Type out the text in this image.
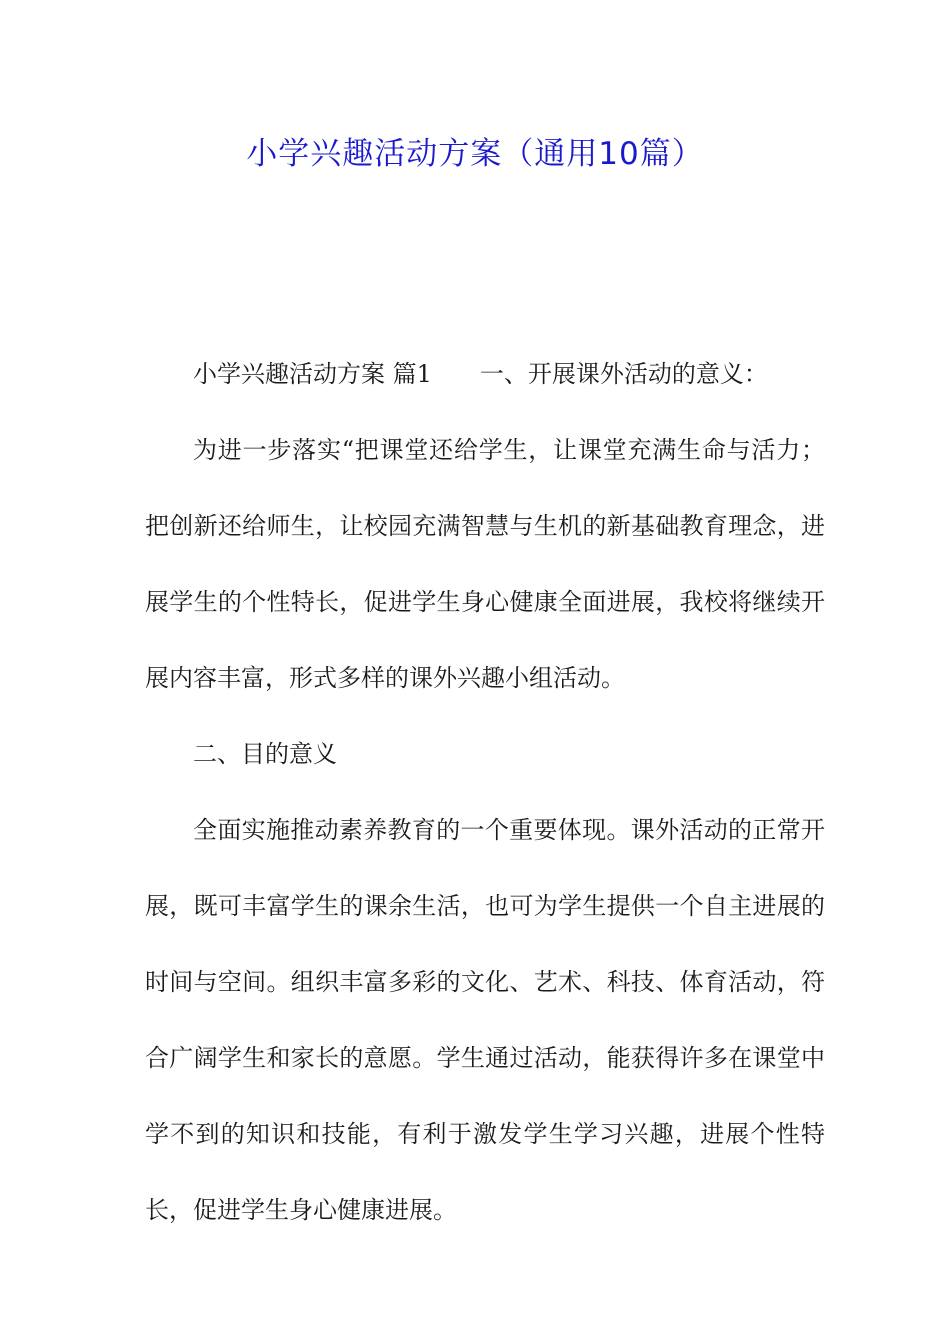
小学兴趣活动方案（通用10篇）

小学兴趣活动方案 篇1 一、开展课外活动的意义：

为进一步落实“把课堂还给学生，让课堂充满生命与活力；把创新还给师生，让校园充满智慧与生机的新基础教育理念，进展学生的个性特长，促进学生身心健康全面进展，我校将继续开展内容丰富，形式多样的课外兴趣小组活动。

二、目的意义

全面实施推动素养教育的一个重要体现。课外活动的正常开展，既可丰富学生的课余生活，也可为学生提供一个自主进展的时间与空间。组织丰富多彩的文化、艺术、科技、体育活动，符合广阔学生和家长的意愿。学生通过活动，能获得许多在课堂中学不到的知识和技能，有利于激发学生学习兴趣，进展个性特长，促进学生身心健康进展。
